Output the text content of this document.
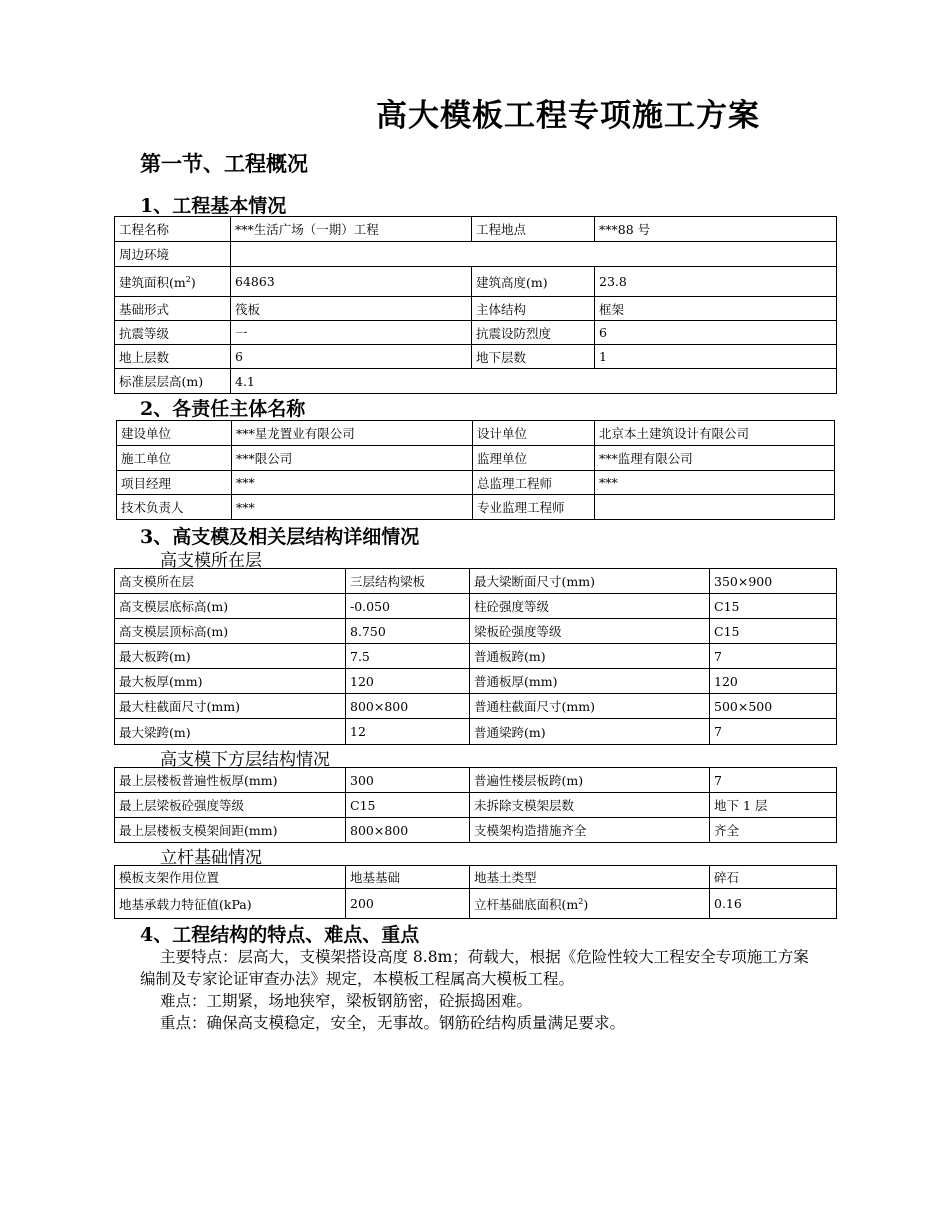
高大模板工程专项施工方案
第一节、工程概况
1、工程基本情况
工程名称	***生活广场（一期）工程	工程地点	***88 号
周边环境			
建筑面积$(m^2)$	64863	建筑高度(m)	23.8
基础形式	筏板	主体结构	框架
抗震等级	一	抗震设防烈度	6
地上层数	6	地下层数	1
标准层层高(m)	4.1		
2、各责任主体名称
建设单位	***星龙置业有限公司	设计单位	北京本土建筑设计有限公司
施工单位	***限公司	监理单位	***监理有限公司
项目经理	***	总监理工程师	***
技术负责人	***	专业监理工程师	
3、高支模及相关层结构详细情况
高支模所在层
高支模所在层	三层结构梁板	最大梁断面尺寸(mm)	350×900
高支模层底标高(m)	-0.050	柱砼强度等级	C15
高支模层顶标高(m)	8.750	梁板砼强度等级	C15
最大板跨(m)	7.5	普通板跨(m)	7
最大板厚(mm)	120	普通板厚(mm)	120
最大柱截面尺寸(mm)	800×800	普通柱截面尺寸(mm)	500×500
最大梁跨(m)	12	普通梁跨(m)	7
高支模下方层结构情况
最上层楼板普遍性板厚(mm)	300	普遍性楼层板跨(m)	7
最上层梁板砼强度等级	C15	未拆除支模架层数	地下 1 层
最上层楼板支模架间距(mm)	800×800	支模架构造措施齐全	齐全
立杆基础情况
模板支架作用位置	地基基础	地基土类型	碎石
地基承载力特征值(kPa)	200	立杆基础底面积$(m^2)$	0.16
4、工程结构的特点、难点、重点

主要特点：层高大，支模架搭设高度 8.8m；荷载大，根据《危险性较大工程安全专项施工方案编制及专家论证审查办法》规定，本模板工程属高大模板工程。

难点：工期紧，场地狭窄，梁板钢筋密，砼振捣困难。

重点：确保高支模稳定，安全，无事故。钢筋砼结构质量满足要求。
